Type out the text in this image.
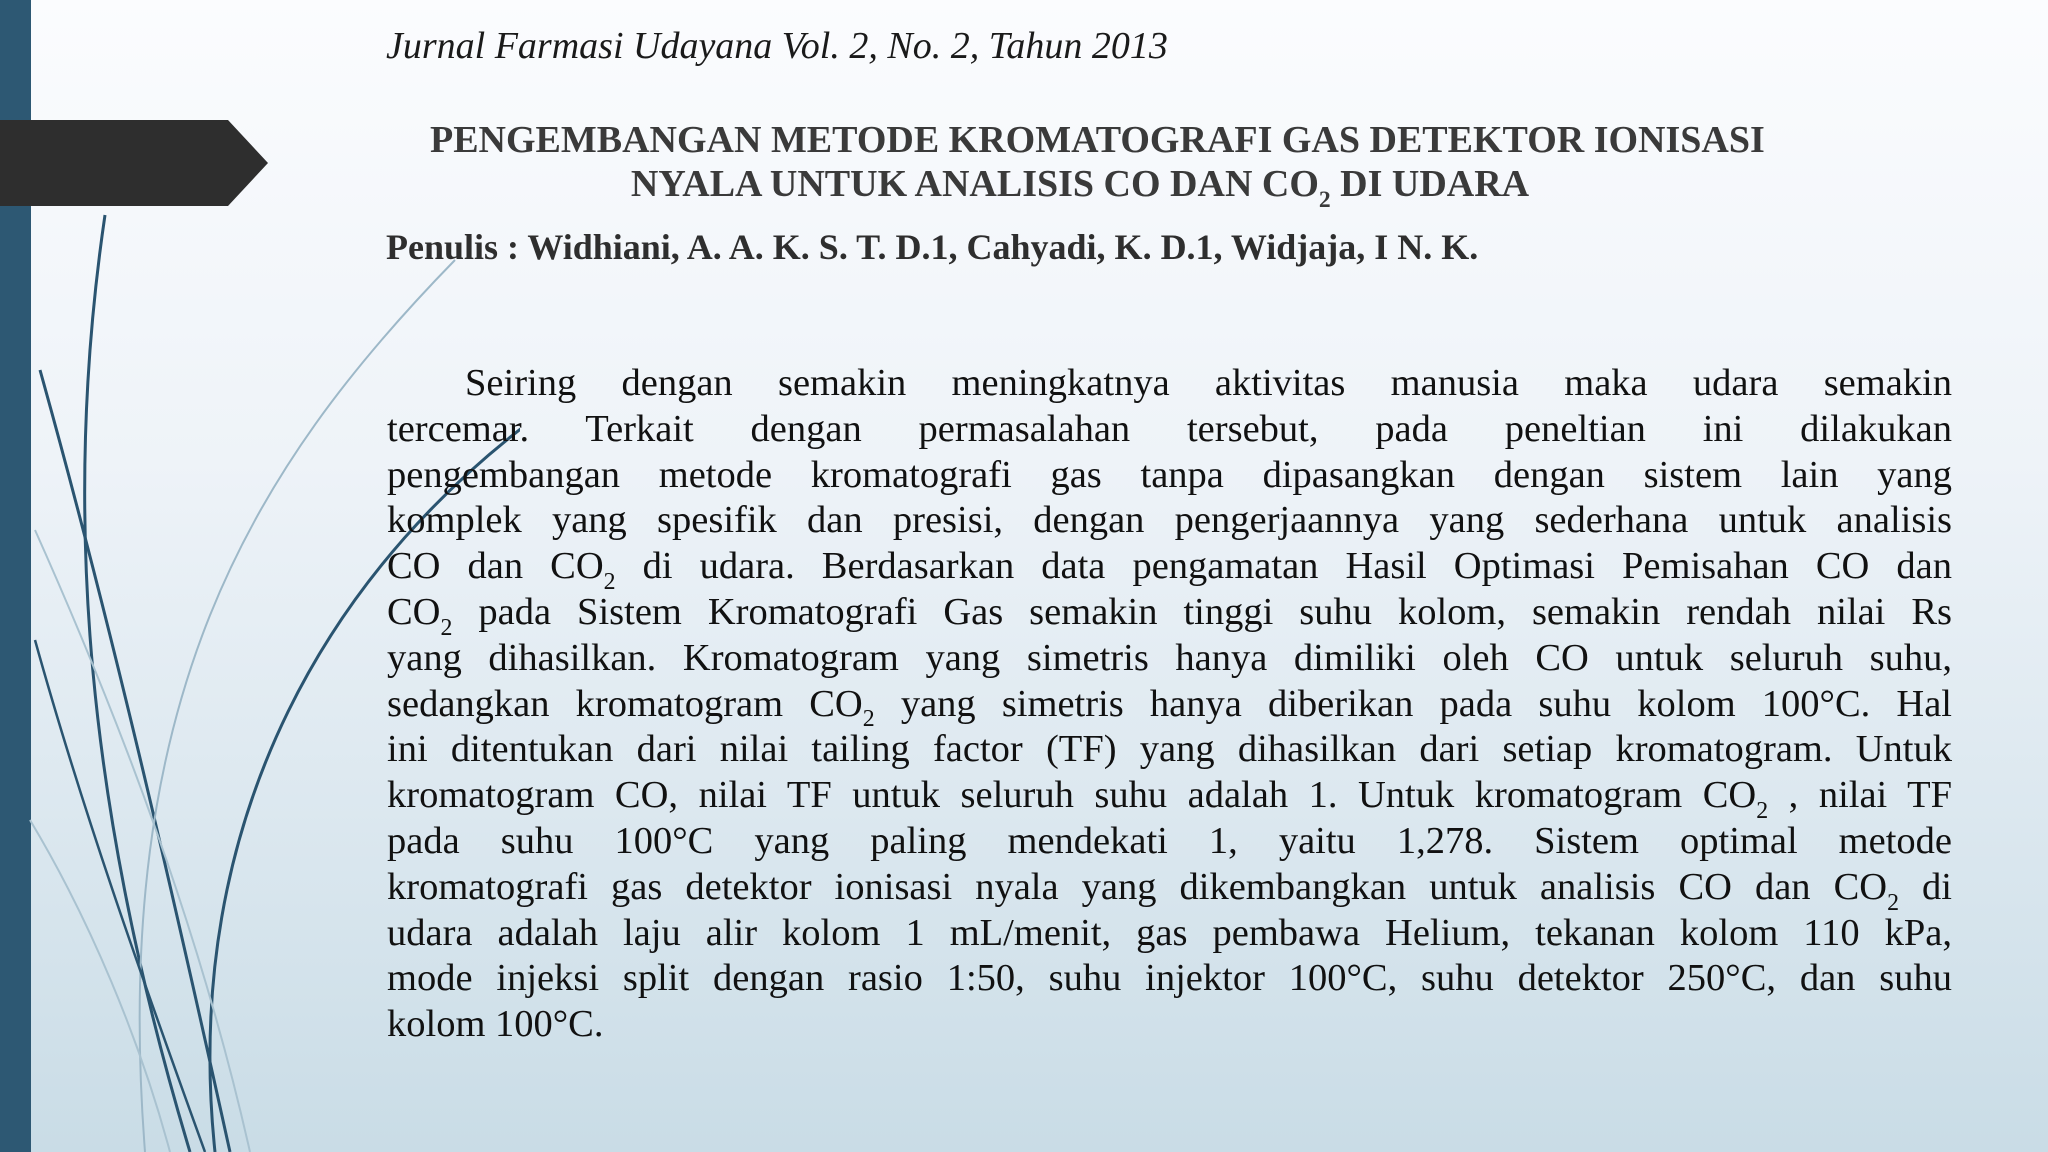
Jurnal Farmasi Udayana Vol. 2, No. 2, Tahun 2013
PENGEMBANGAN METODE KROMATOGRAFI GAS DETEKTOR IONISASI
NYALA UNTUK ANALISIS CO DAN $CO_2$ DI UDARA
Penulis : Widhiani, A. A. K. S. T. D.1, Cahyadi, K. D.1, Widjaja, I N. K.
Seiring dengan semakin meningkatnya aktivitas manusia maka udara semakin
tercemar. Terkait dengan permasalahan tersebut, pada peneltian ini dilakukan
pengembangan metode kromatografi gas tanpa dipasangkan dengan sistem lain yang
komplek yang spesifik dan presisi, dengan pengerjaannya yang sederhana untuk analisis
CO dan $CO_2$ di udara. Berdasarkan data pengamatan Hasil Optimasi Pemisahan CO dan
$CO_2$ pada Sistem Kromatografi Gas semakin tinggi suhu kolom, semakin rendah nilai Rs
yang dihasilkan. Kromatogram yang simetris hanya dimiliki oleh CO untuk seluruh suhu,
sedangkan kromatogram $CO_2$ yang simetris hanya diberikan pada suhu kolom 100°C. Hal
ini ditentukan dari nilai tailing factor (TF) yang dihasilkan dari setiap kromatogram. Untuk
kromatogram CO, nilai TF untuk seluruh suhu adalah 1. Untuk kromatogram $CO_2$ , nilai TF
pada suhu 100°C yang paling mendekati 1, yaitu 1,278. Sistem optimal metode
kromatografi gas detektor ionisasi nyala yang dikembangkan untuk analisis CO dan $CO_2$ di
udara adalah laju alir kolom 1 mL/menit, gas pembawa Helium, tekanan kolom 110 kPa,
mode injeksi split dengan rasio 1:50, suhu injektor 100°C, suhu detektor 250°C, dan suhu
kolom 100°C.
